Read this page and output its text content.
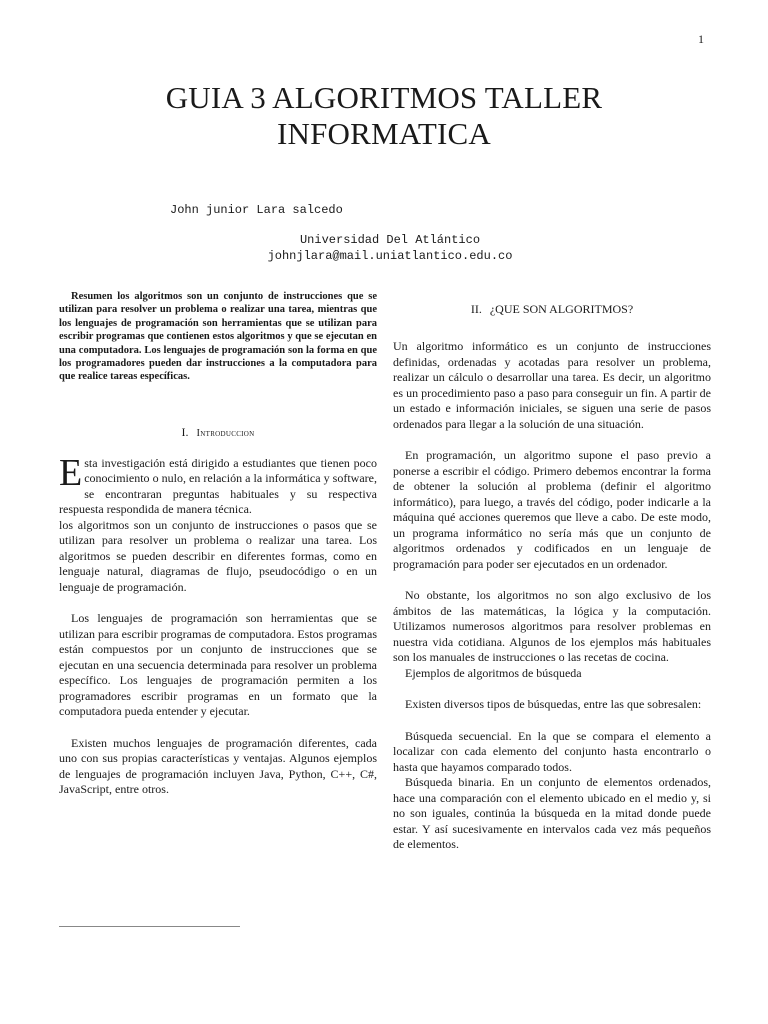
1
GUIA 3 ALGORITMOS TALLER
INFORMATICA
John junior Lara salcedo
Universidad Del Atlántico
johnjlara@mail.uniatlantico.edu.co

Resumen los algoritmos son un conjunto de instrucciones que se utilizan para resolver un problema o realizar una tarea, mientras que los lenguajes de programación son herramientas que se utilizan para escribir programas que contienen estos algoritmos y que se ejecutan en una computadora. Los lenguajes de programación son la forma en que los programadores pueden dar instrucciones a la computadora para que realice tareas específicas.

I. Introduccion

Esta investigación está dirigido a estudiantes que tienen poco conocimiento o nulo, en relación a la informática y software, se encontraran preguntas habituales y su respectiva respuesta respondida de manera técnica.

los algoritmos son un conjunto de instrucciones o pasos que se utilizan para resolver un problema o realizar una tarea. Los algoritmos se pueden describir en diferentes formas, como en lenguaje natural, diagramas de flujo, pseudocódigo o en un lenguaje de programación.

Los lenguajes de programación son herramientas que se utilizan para escribir programas de computadora. Estos programas están compuestos por un conjunto de instrucciones que se ejecutan en una secuencia determinada para resolver un problema específico. Los lenguajes de programación permiten a los programadores escribir programas en un formato que la computadora pueda entender y ejecutar.

Existen muchos lenguajes de programación diferentes, cada uno con sus propias características y ventajas. Algunos ejemplos de lenguajes de programación incluyen Java, Python, C++, C#, JavaScript, entre otros.

II. ¿QUE SON ALGORITMOS?

Un algoritmo informático es un conjunto de instrucciones definidas, ordenadas y acotadas para resolver un problema, realizar un cálculo o desarrollar una tarea. Es decir, un algoritmo es un procedimiento paso a paso para conseguir un fin. A partir de un estado e información iniciales, se siguen una serie de pasos ordenados para llegar a la solución de una situación.

En programación, un algoritmo supone el paso previo a ponerse a escribir el código. Primero debemos encontrar la forma de obtener la solución al problema (definir el algoritmo informático), para luego, a través del código, poder indicarle a la máquina qué acciones queremos que lleve a cabo. De este modo, un programa informático no sería más que un conjunto de algoritmos ordenados y codificados en un lenguaje de programación para poder ser ejecutados en un ordenador.

No obstante, los algoritmos no son algo exclusivo de los ámbitos de las matemáticas, la lógica y la computación. Utilizamos numerosos algoritmos para resolver problemas en nuestra vida cotidiana. Algunos de los ejemplos más habituales son los manuales de instrucciones o las recetas de cocina.

Ejemplos de algoritmos de búsqueda

Existen diversos tipos de búsquedas, entre las que sobresalen:

Búsqueda secuencial. En la que se compara el elemento a localizar con cada elemento del conjunto hasta encontrarlo o hasta que hayamos comparado todos.

Búsqueda binaria. En un conjunto de elementos ordenados, hace una comparación con el elemento ubicado en el medio y, si no son iguales, continúa la búsqueda en la mitad donde puede estar. Y así sucesivamente en intervalos cada vez más pequeños de elementos.
